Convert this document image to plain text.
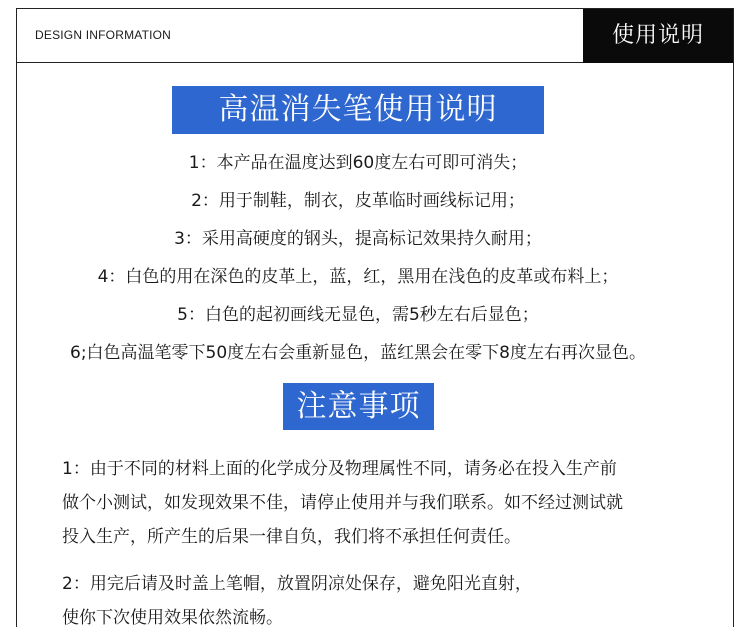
DESIGN INFORMATION	使用说明
高温消失笔使用说明
1：本产品在温度达到60度左右可即可消失；
2：用于制鞋，制衣，皮革临时画线标记用；
3：采用高硬度的钢头，提高标记效果持久耐用；
4：白色的用在深色的皮革上，蓝，红，黑用在浅色的皮革或布料上；
5：白色的起初画线无显色，需5秒左右后显色；
6;白色高温笔零下50度左右会重新显色，蓝红黑会在零下8度左右再次显色。
注意事项

1：由于不同的材料上面的化学成分及物理属性不同，请务必在投入生产前
做个小测试，如发现效果不佳，请停止使用并与我们联系。如不经过测试就
投入生产，所产生的后果一律自负，我们将不承担任何责任。

2：用完后请及时盖上笔帽，放置阴凉处保存，避免阳光直射，
使你下次使用效果依然流畅。
